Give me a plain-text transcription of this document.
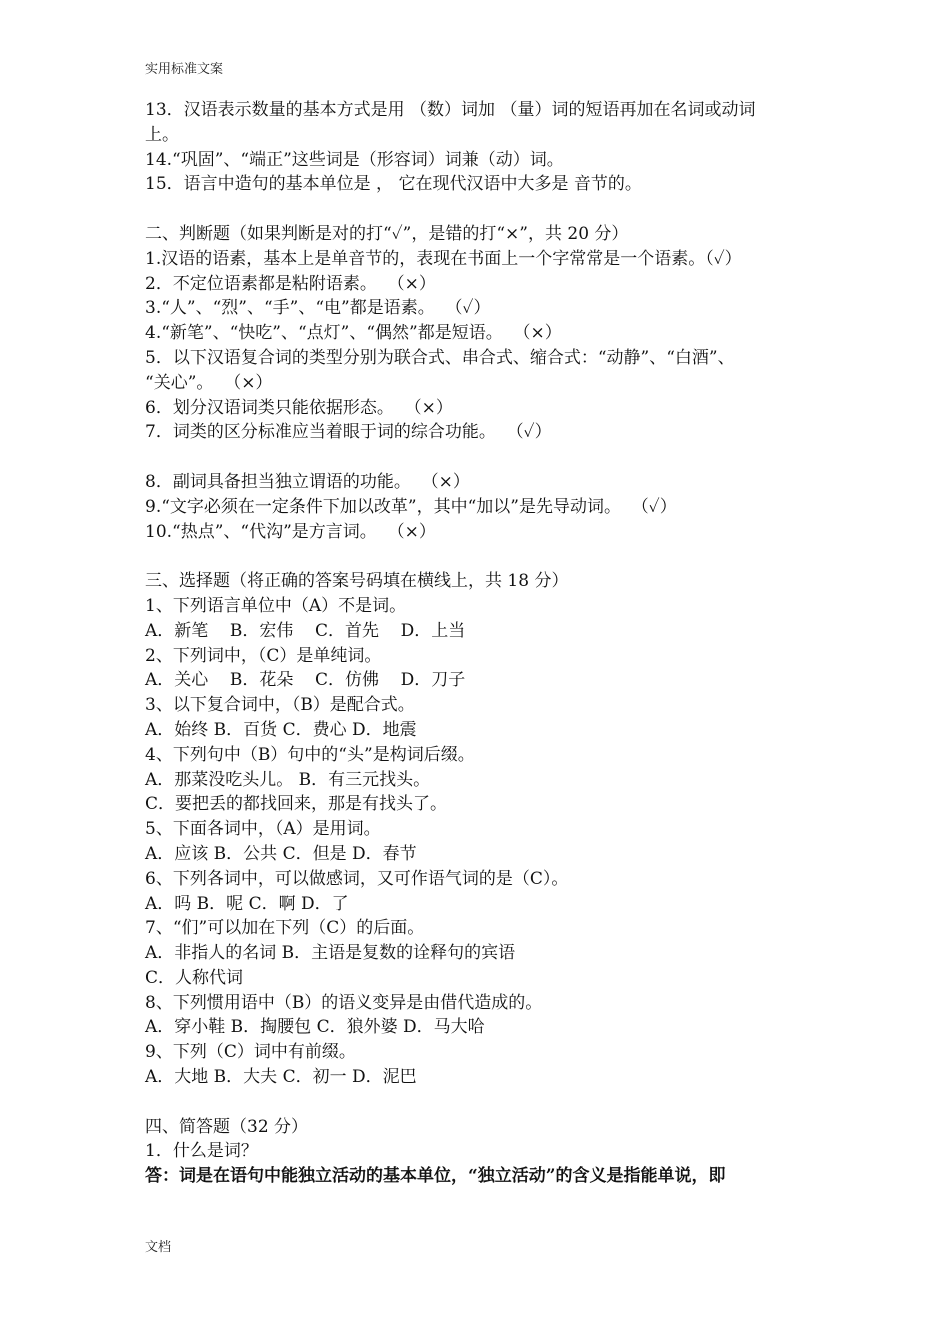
实用标准文案
13．汉语表示数量的基本方式是用 （数）词加 （量）词的短语再加在名词或动词
上。
14.“巩固”、“端正”这些词是（形容词）词兼（动）词。
15．语言中造句的基本单位是 ， 它在现代汉语中大多是 音节的。
二、判断题（如果判断是对的打“✓”，是错的打“×”，共 20 分）
1.汉语的语素，基本上是单音节的，表现在书面上一个字常常是一个语素。（✓）
2．不定位语素都是粘附语素。  （×）
3.“人”、“烈”、“手”、“电”都是语素。  （✓）
4.“新笔”、“快吃”、“点灯”、“偶然”都是短语。  （×）
5．以下汉语复合词的类型分别为联合式、串合式、缩合式：“动静”、“白酒”、
“关心”。  （×）
6．划分汉语词类只能依据形态。  （×）
7．词类的区分标准应当着眼于词的综合功能。  （✓）
8．副词具备担当独立谓语的功能。  （×）
9.“文字必须在一定条件下加以改革”，其中“加以”是先导动词。  （✓）
10.“热点”、“代沟”是方言词。  （×）
三、选择题（将正确的答案号码填在横线上，共 18 分）
1、下列语言单位中（A）不是词。
A．新笔    B．宏伟    C．首先    D．上当
2、下列词中，（C）是单纯词。
A．关心    B．花朵    C．仿佛    D．刀子
3、以下复合词中，（B）是配合式。
A．始终 B．百货 C．费心 D．地震
4、下列句中（B）句中的“头”是构词后缀。
A．那菜没吃头儿。 B．有三元找头。
C．要把丢的都找回来，那是有找头了。
5、下面各词中，（A）是用词。
A．应该 B．公共 C．但是 D．春节
6、下列各词中，可以做感词，又可作语气词的是（C）。
A．吗 B．呢 C．啊 D．了
7、“们”可以加在下列（C）的后面。
A．非指人的名词 B．主语是复数的诠释句的宾语
C．人称代词
8、下列惯用语中（B）的语义变异是由借代造成的。
A．穿小鞋 B．掏腰包 C．狼外婆 D．马大哈
9、下列（C）词中有前缀。
A．大地 B．大夫 C．初一 D．泥巴
四、简答题（32 分）
1．什么是词？
答：词是在语句中能独立活动的基本单位，“独立活动”的含义是指能单说，即
文档
